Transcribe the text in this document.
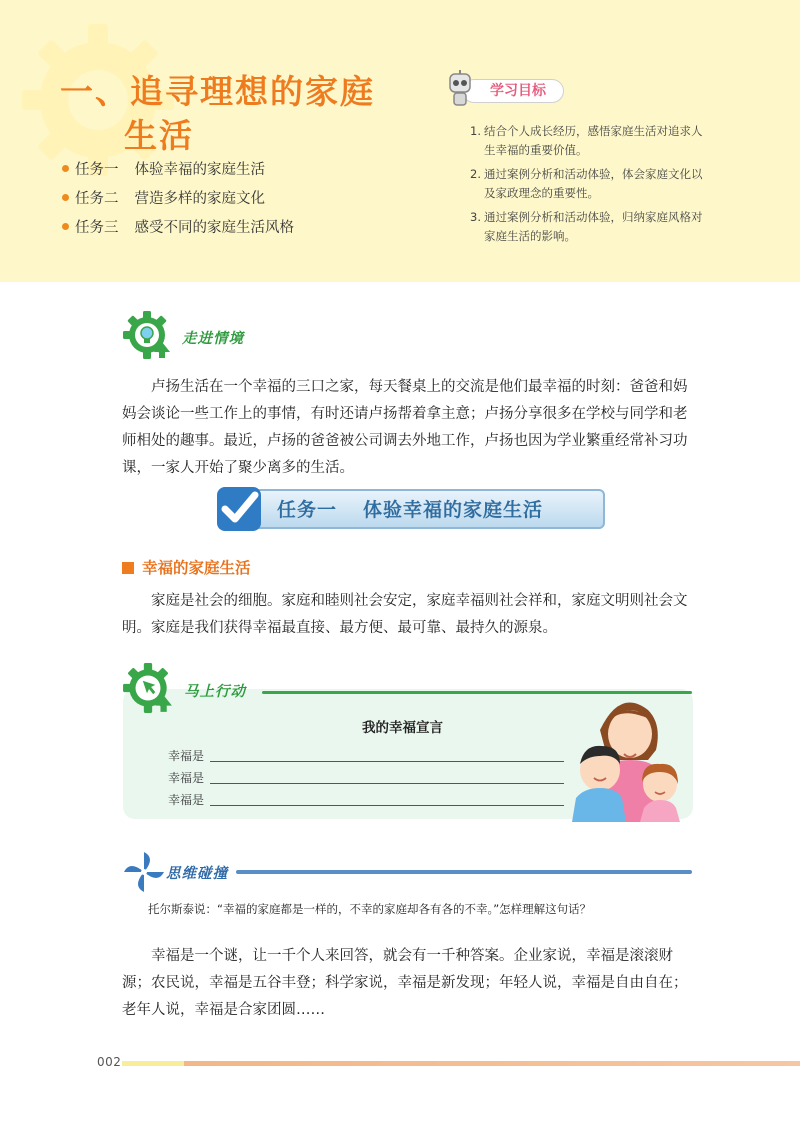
一、追寻理想的家庭
生活
任务一 体验幸福的家庭生活
任务二 营造多样的家庭文化
任务三 感受不同的家庭生活风格
学习目标
1. 结合个人成长经历，感悟家庭生活对追求人生幸福的重要价值。
2. 通过案例分析和活动体验，体会家庭文化以及家政理念的重要性。
3. 通过案例分析和活动体验，归纳家庭风格对家庭生活的影响。
走进情境
卢扬生活在一个幸福的三口之家，每天餐桌上的交流是他们最幸福的时刻：爸爸和妈妈会谈论一些工作上的事情，有时还请卢扬帮着拿主意；卢扬分享很多在学校与同学和老师相处的趣事。最近，卢扬的爸爸被公司调去外地工作，卢扬也因为学业繁重经常补习功课，一家人开始了聚少离多的生活。
任务一 体验幸福的家庭生活
幸福的家庭生活
家庭是社会的细胞。家庭和睦则社会安定，家庭幸福则社会祥和，家庭文明则社会文明。家庭是我们获得幸福最直接、最方便、最可靠、最持久的源泉。
马上行动
我的幸福宣言
幸福是
幸福是
幸福是
思维碰撞
托尔斯泰说：“幸福的家庭都是一样的，不幸的家庭却各有各的不幸。”怎样理解这句话？
幸福是一个谜，让一千个人来回答，就会有一千种答案。企业家说，幸福是滚滚财源；农民说，幸福是五谷丰登；科学家说，幸福是新发现；年轻人说，幸福是自由自在；老年人说，幸福是合家团圆……
002
